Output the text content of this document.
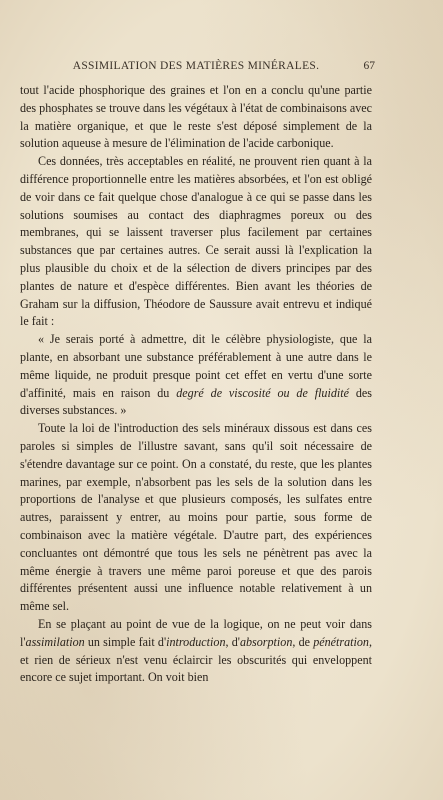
ASSIMILATION DES MATIÈRES MINÉRALES.	67

tout l'acide phosphorique des graines et l'on en a conclu qu'une partie des phosphates se trouve dans les végétaux à l'état de combinaisons avec la matière organique, et que le reste s'est déposé simplement de la solution aqueuse à mesure de l'élimination de l'acide carbonique.

Ces données, très acceptables en réalité, ne prouvent rien quant à la différence proportionnelle entre les matières absorbées, et l'on est obligé de voir dans ce fait quelque chose d'analogue à ce qui se passe dans les solutions soumises au contact des diaphragmes poreux ou des membranes, qui se laissent traverser plus facilement par certaines substances que par certaines autres. Ce serait aussi là l'explication la plus plausible du choix et de la sélection de divers principes par des plantes de nature et d'espèce différentes. Bien avant les théories de Graham sur la diffusion, Théodore de Saussure avait entrevu et indiqué le fait :

« Je serais porté à admettre, dit le célèbre physiologiste, que la plante, en absorbant une substance préférablement à une autre dans le même liquide, ne produit presque point cet effet en vertu d'une sorte d'affinité, mais en raison du degré de viscosité ou de fluidité des diverses substances. »

Toute la loi de l'introduction des sels minéraux dissous est dans ces paroles si simples de l'illustre savant, sans qu'il soit nécessaire de s'étendre davantage sur ce point. On a constaté, du reste, que les plantes marines, par exemple, n'absorbent pas les sels de la solution dans les proportions de l'analyse et que plusieurs composés, les sulfates entre autres, paraissent y entrer, au moins pour partie, sous forme de combinaison avec la matière végétale. D'autre part, des expériences concluantes ont démontré que tous les sels ne pénètrent pas avec la même énergie à travers une même paroi poreuse et que des parois différentes présentent aussi une influence notable relativement à un même sel.

En se plaçant au point de vue de la logique, on ne peut voir dans l'assimilation un simple fait d'introduction, d'absorption, de pénétration, et rien de sérieux n'est venu éclaircir les obscurités qui enveloppent encore ce sujet important. On voit bien
